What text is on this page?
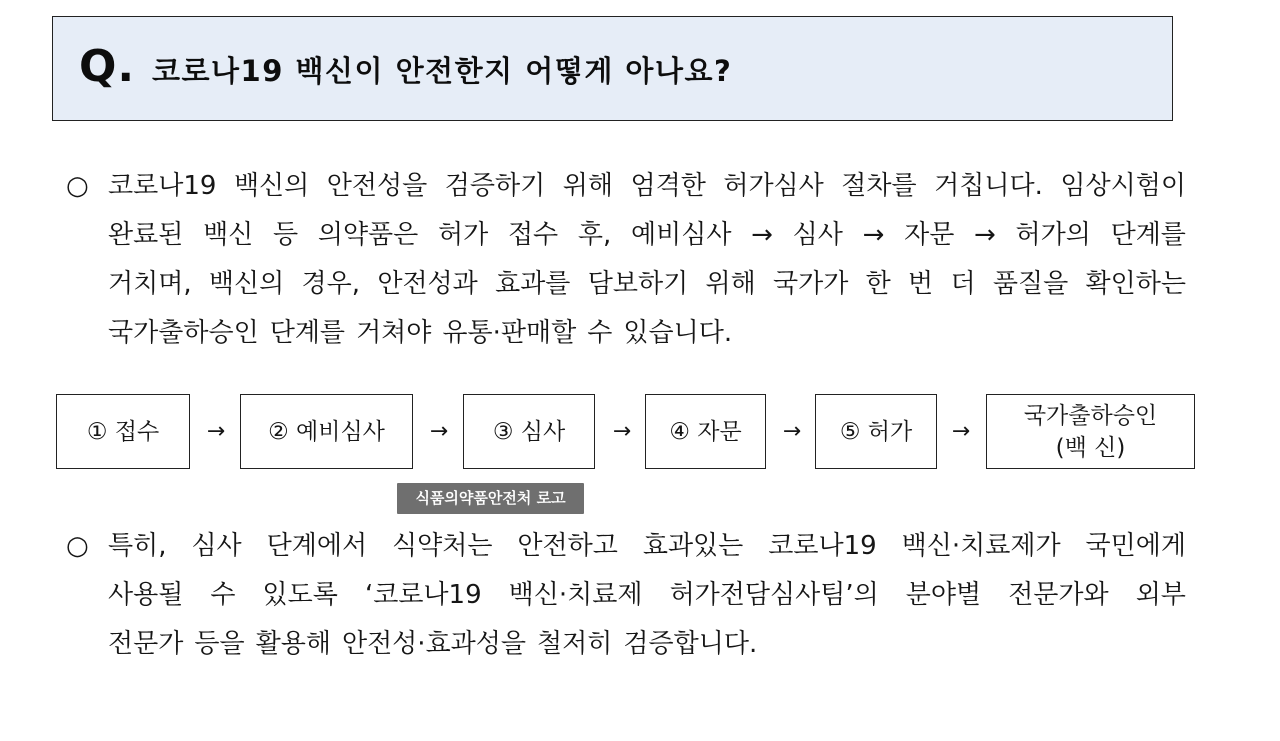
Q. 코로나19 백신이 안전한지 어떻게 아나요?
○ 코로나19 백신의 안전성을 검증하기 위해 엄격한 허가심사 절차를 거칩니다. 임상시험이
완료된 백신 등 의약품은 허가 접수 후, 예비심사 → 심사 → 자문 → 허가의 단계를
거치며, 백신의 경우, 안전성과 효과를 담보하기 위해 국가가 한 번 더 품질을 확인하는
국가출하승인 단계를 거쳐야 유통·판매할 수 있습니다.
① 접수	→	② 예비심사	→	③ 심사	→	④ 자문	→	⑤ 허가	→
국가출하승인
(백 신)
식품의약품안전처 로고
○ 특히, 심사 단계에서 식약처는 안전하고 효과있는 코로나19 백신·치료제가 국민에게
사용될 수 있도록 ‘코로나19 백신·치료제 허가전담심사팀’의 분야별 전문가와 외부
전문가 등을 활용해 안전성·효과성을 철저히 검증합니다.
